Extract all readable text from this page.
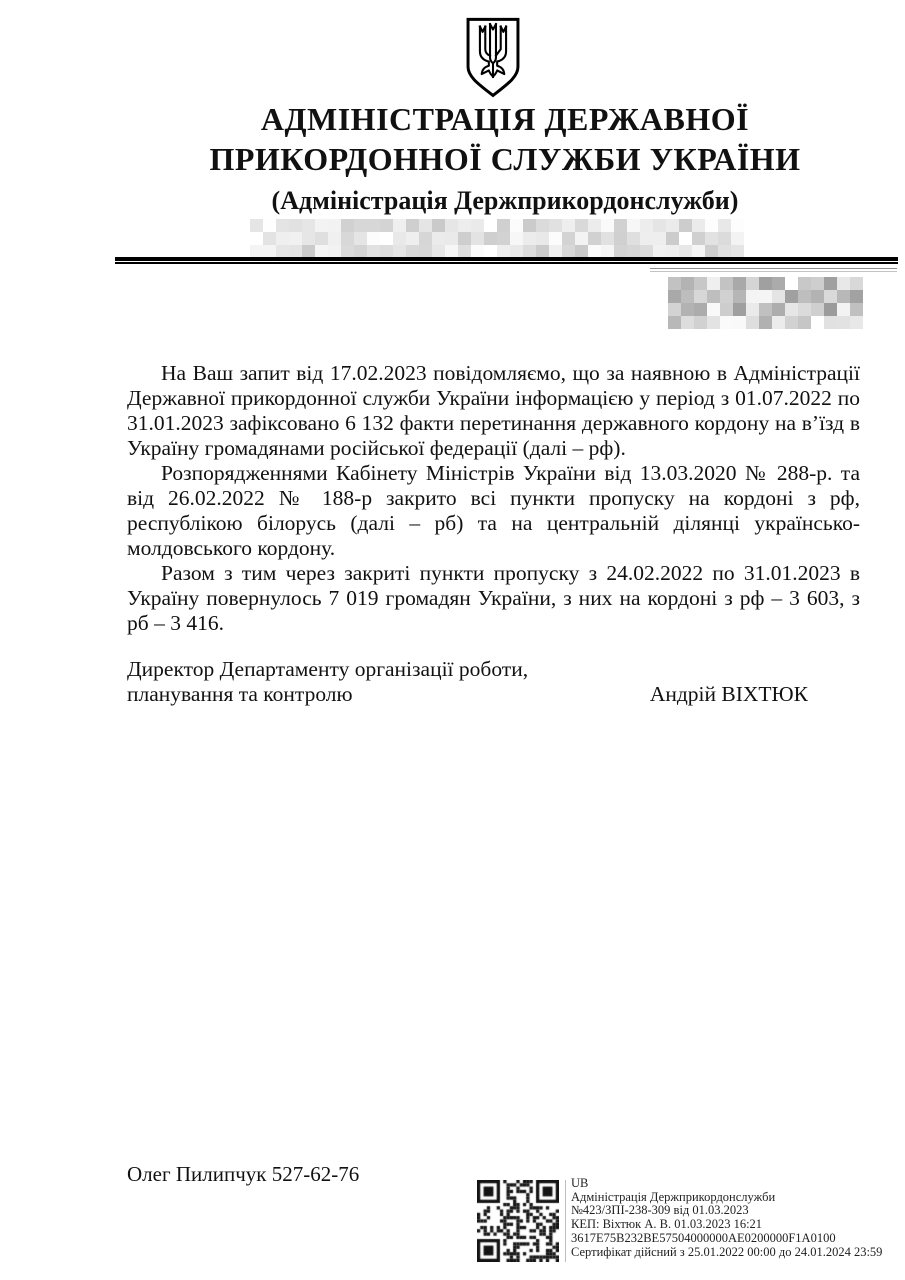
АДМІНІСТРАЦІЯ ДЕРЖАВНОЇ
ПРИКОРДОННОЇ СЛУЖБИ УКРАЇНИ
(Адміністрація Держприкордонслужби)

На Ваш запит від 17.02.2023 повідомляємо, що за наявною в Адміністрації Державної прикордонної служби України інформацією у період з 01.07.2022 по 31.01.2023 зафіксовано 6 132 факти перетинання державного кордону на в’їзд в Україну громадянами російської федерації (далі – рф).

Розпорядженнями Кабінету Міністрів України від 13.03.2020 № 288-р. та від 26.02.2022 № 188-р закрито всі пункти пропуску на кордоні з рф, республікою білорусь (далі – рб) та на центральній ділянці українсько-молдовського кордону.

Разом з тим через закриті пункти пропуску з 24.02.2022 по 31.01.2023 в Україну повернулось 7 019 громадян України, з них на кордоні з рф – 3 603, з рб – 3 416.

Директор Департаменту організації роботи,
планування та контролю	Андрій ВІХТЮК
Олег Пилипчук 527-62-76	UB
Адміністрація Держприкордонслужби
№423/ЗПІ-238-309 від 01.03.2023
КЕП: Віхтюк А. В. 01.03.2023 16:21
3617E75B232BE57504000000AE0200000F1A0100
Сертифікат дійсний з 25.01.2022 00:00 до 24.01.2024 23:59
